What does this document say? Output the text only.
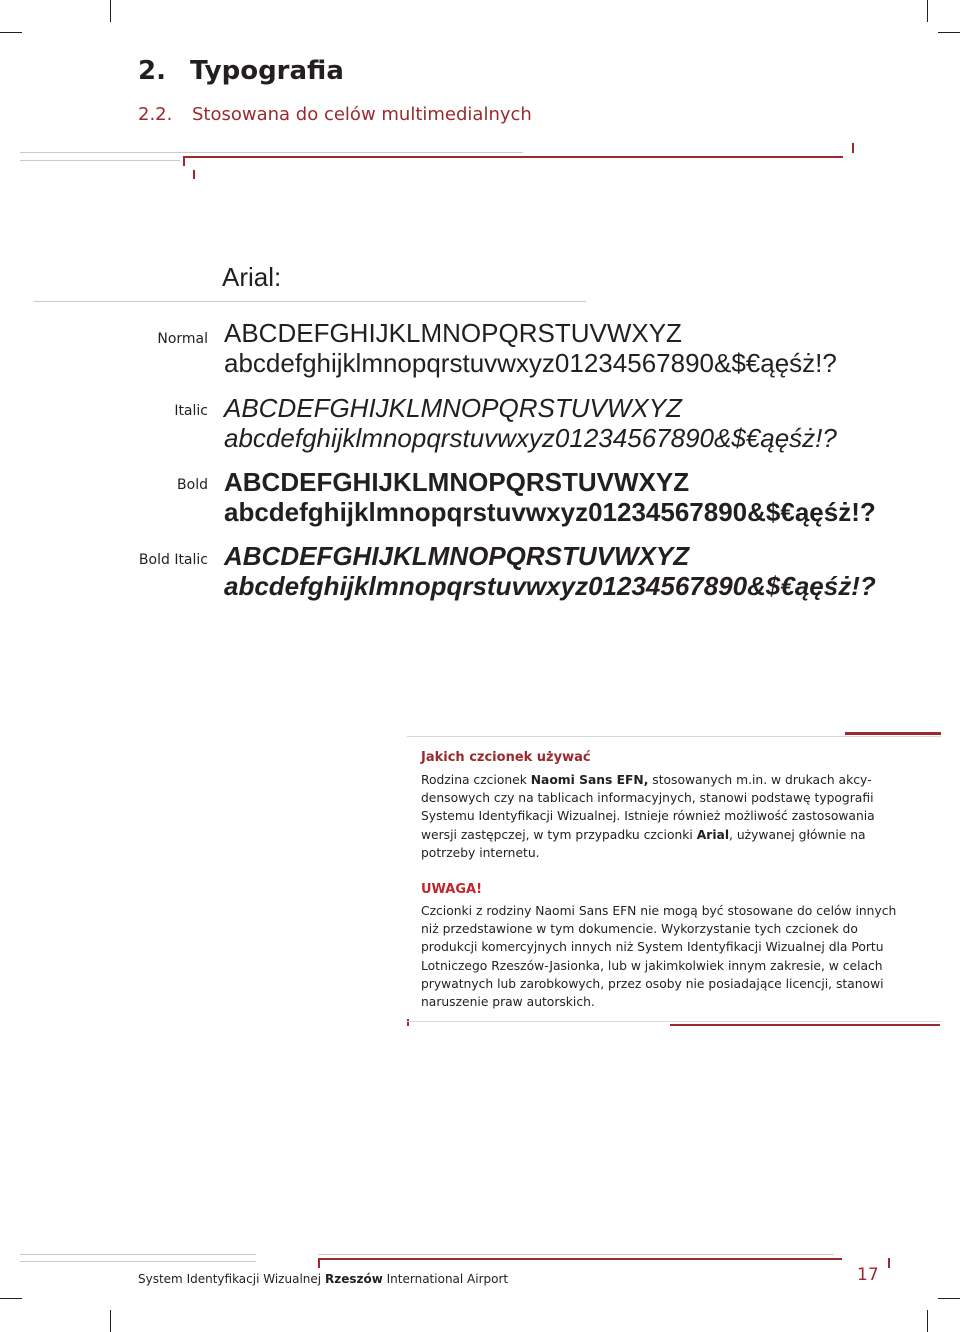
2. Typografia
2.2. Stosowana do celów multimedialnych
Arial:
Normal ABCDEFGHIJKLMNOPQRSTUVWXYZ
abcdefghijklmnopqrstuvwxyz01234567890&$€ąęśż!?
Italic ABCDEFGHIJKLMNOPQRSTUVWXYZ
abcdefghijklmnopqrstuvwxyz01234567890&$€ąęśż!?
Bold ABCDEFGHIJKLMNOPQRSTUVWXYZ
abcdefghijklmnopqrstuvwxyz01234567890&$€ąęśż!?
Bold Italic ABCDEFGHIJKLMNOPQRSTUVWXYZ
abcdefghijklmnopqrstuvwxyz01234567890&$€ąęśż!?
Jakich czcionek używać
Rodzina czcionek Naomi Sans EFN, stosowanych m.in. w drukach akcydensowych czy na tablicach informacyjnych, stanowi podstawę typografii Systemu Identyfikacji Wizualnej. Istnieje również możliwość zastosowania wersji zastępczej, w tym przypadku czcionki Arial, używanej głównie na potrzeby internetu.
UWAGA!
Czcionki z rodziny Naomi Sans EFN nie mogą być stosowane do celów innych niż przedstawione w tym dokumencie. Wykorzystanie tych czcionek do produkcji komercyjnych innych niż System Identyfikacji Wizualnej dla Portu Lotniczego Rzeszów-Jasionka, lub w jakimkolwiek innym zakresie, w celach prywatnych lub zarobkowych, przez osoby nie posiadające licencji, stanowi naruszenie praw autorskich.
System Identyfikacji Wizualnej Rzeszów International Airport	17
